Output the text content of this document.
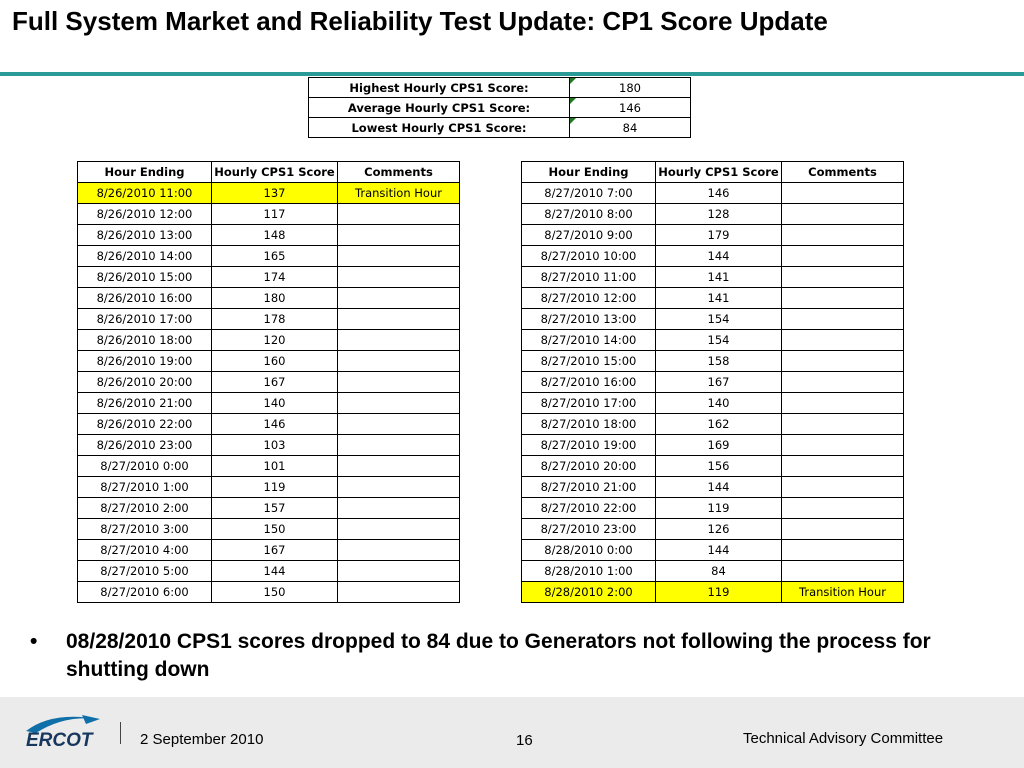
Full System Market and Reliability Test Update: CP1 Score Update
Highest Hourly CPS1 Score:	180
Average Hourly CPS1 Score:	146
Lowest Hourly CPS1 Score:	84
Hour Ending	Hourly CPS1 Score	Comments
8/26/2010 11:00	137	Transition Hour
8/26/2010 12:00	117	
8/26/2010 13:00	148	
8/26/2010 14:00	165	
8/26/2010 15:00	174	
8/26/2010 16:00	180	
8/26/2010 17:00	178	
8/26/2010 18:00	120	
8/26/2010 19:00	160	
8/26/2010 20:00	167	
8/26/2010 21:00	140	
8/26/2010 22:00	146	
8/26/2010 23:00	103	
8/27/2010 0:00	101	
8/27/2010 1:00	119	
8/27/2010 2:00	157	
8/27/2010 3:00	150	
8/27/2010 4:00	167	
8/27/2010 5:00	144	
8/27/2010 6:00	150	
Hour Ending	Hourly CPS1 Score	Comments
8/27/2010 7:00	146	
8/27/2010 8:00	128	
8/27/2010 9:00	179	
8/27/2010 10:00	144	
8/27/2010 11:00	141	
8/27/2010 12:00	141	
8/27/2010 13:00	154	
8/27/2010 14:00	154	
8/27/2010 15:00	158	
8/27/2010 16:00	167	
8/27/2010 17:00	140	
8/27/2010 18:00	162	
8/27/2010 19:00	169	
8/27/2010 20:00	156	
8/27/2010 21:00	144	
8/27/2010 22:00	119	
8/27/2010 23:00	126	
8/28/2010 0:00	144	
8/28/2010 1:00	84	
8/28/2010 2:00	119	Transition Hour
• 08/28/2010 CPS1 scores dropped to 84 due to Generators not following the process for shutting down
ERCOT	2 September 2010	16	Technical Advisory Committee
